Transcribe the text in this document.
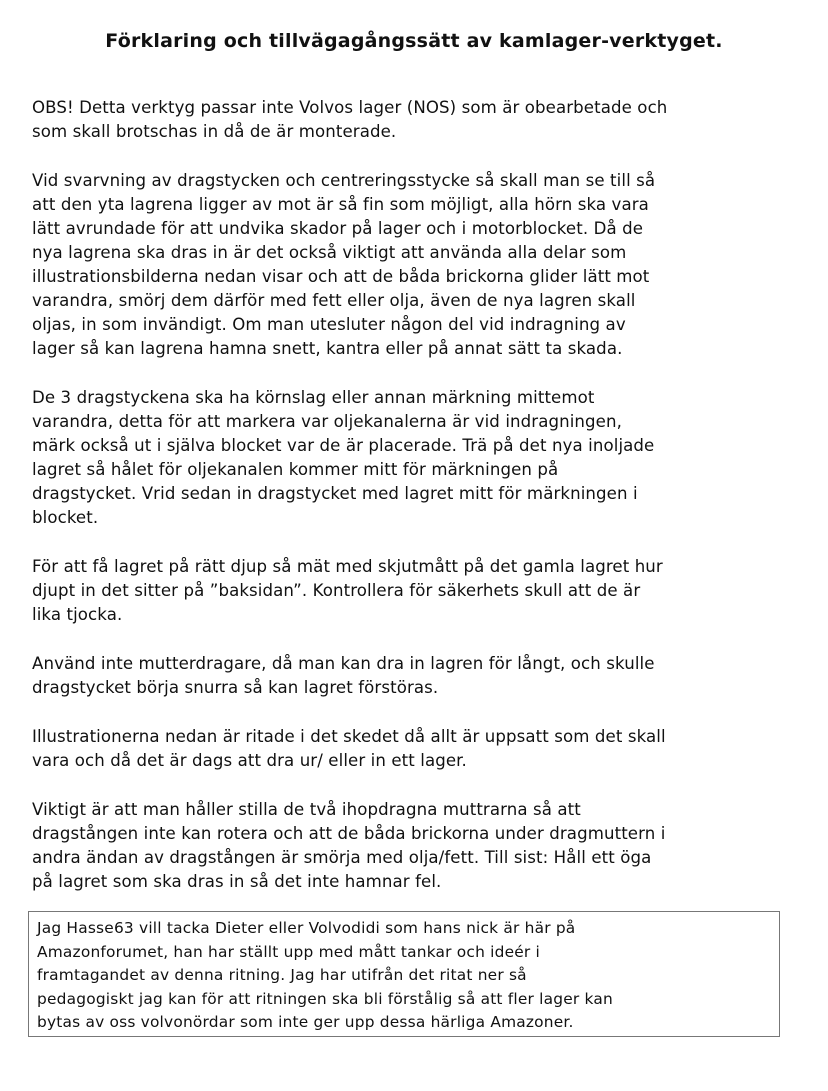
Förklaring och tillvägagångssätt av kamlager-verktyget.

OBS! Detta verktyg passar inte Volvos lager (NOS) som är obearbetade och
som skall brotschas in då de är monterade.

Vid svarvning av dragstycken och centreringsstycke så skall man se till så
att den yta lagrena ligger av mot är så fin som möjligt, alla hörn ska vara
lätt avrundade för att undvika skador på lager och i motorblocket. Då de
nya lagrena ska dras in är det också viktigt att använda alla delar som
illustrationsbilderna nedan visar och att de båda brickorna glider lätt mot
varandra, smörj dem därför med fett eller olja, även de nya lagren skall
oljas, in som invändigt. Om man utesluter någon del vid indragning av
lager så kan lagrena hamna snett, kantra eller på annat sätt ta skada.

De 3 dragstyckena ska ha körnslag eller annan märkning mittemot
varandra, detta för att markera var oljekanalerna är vid indragningen,
märk också ut i själva blocket var de är placerade. Trä på det nya inoljade
lagret så hålet för oljekanalen kommer mitt för märkningen på
dragstycket. Vrid sedan in dragstycket med lagret mitt för märkningen i
blocket.

För att få lagret på rätt djup så mät med skjutmått på det gamla lagret hur
djupt in det sitter på ”baksidan”. Kontrollera för säkerhets skull att de är
lika tjocka.

Använd inte mutterdragare, då man kan dra in lagren för långt, och skulle
dragstycket börja snurra så kan lagret förstöras.

Illustrationerna nedan är ritade i det skedet då allt är uppsatt som det skall
vara och då det är dags att dra ur/ eller in ett lager.

Viktigt är att man håller stilla de två ihopdragna muttrarna så att
dragstången inte kan rotera och att de båda brickorna under dragmuttern i
andra ändan av dragstången är smörja med olja/fett. Till sist: Håll ett öga
på lagret som ska dras in så det inte hamnar fel.

Jag Hasse63 vill tacka Dieter eller Volvodidi som hans nick är här på
Amazonforumet, han har ställt upp med mått tankar och ideér i
framtagandet av denna ritning. Jag har utifrån det ritat ner så
pedagogiskt jag kan för att ritningen ska bli förstålig så att fler lager kan
bytas av oss volvonördar som inte ger upp dessa härliga Amazoner.
